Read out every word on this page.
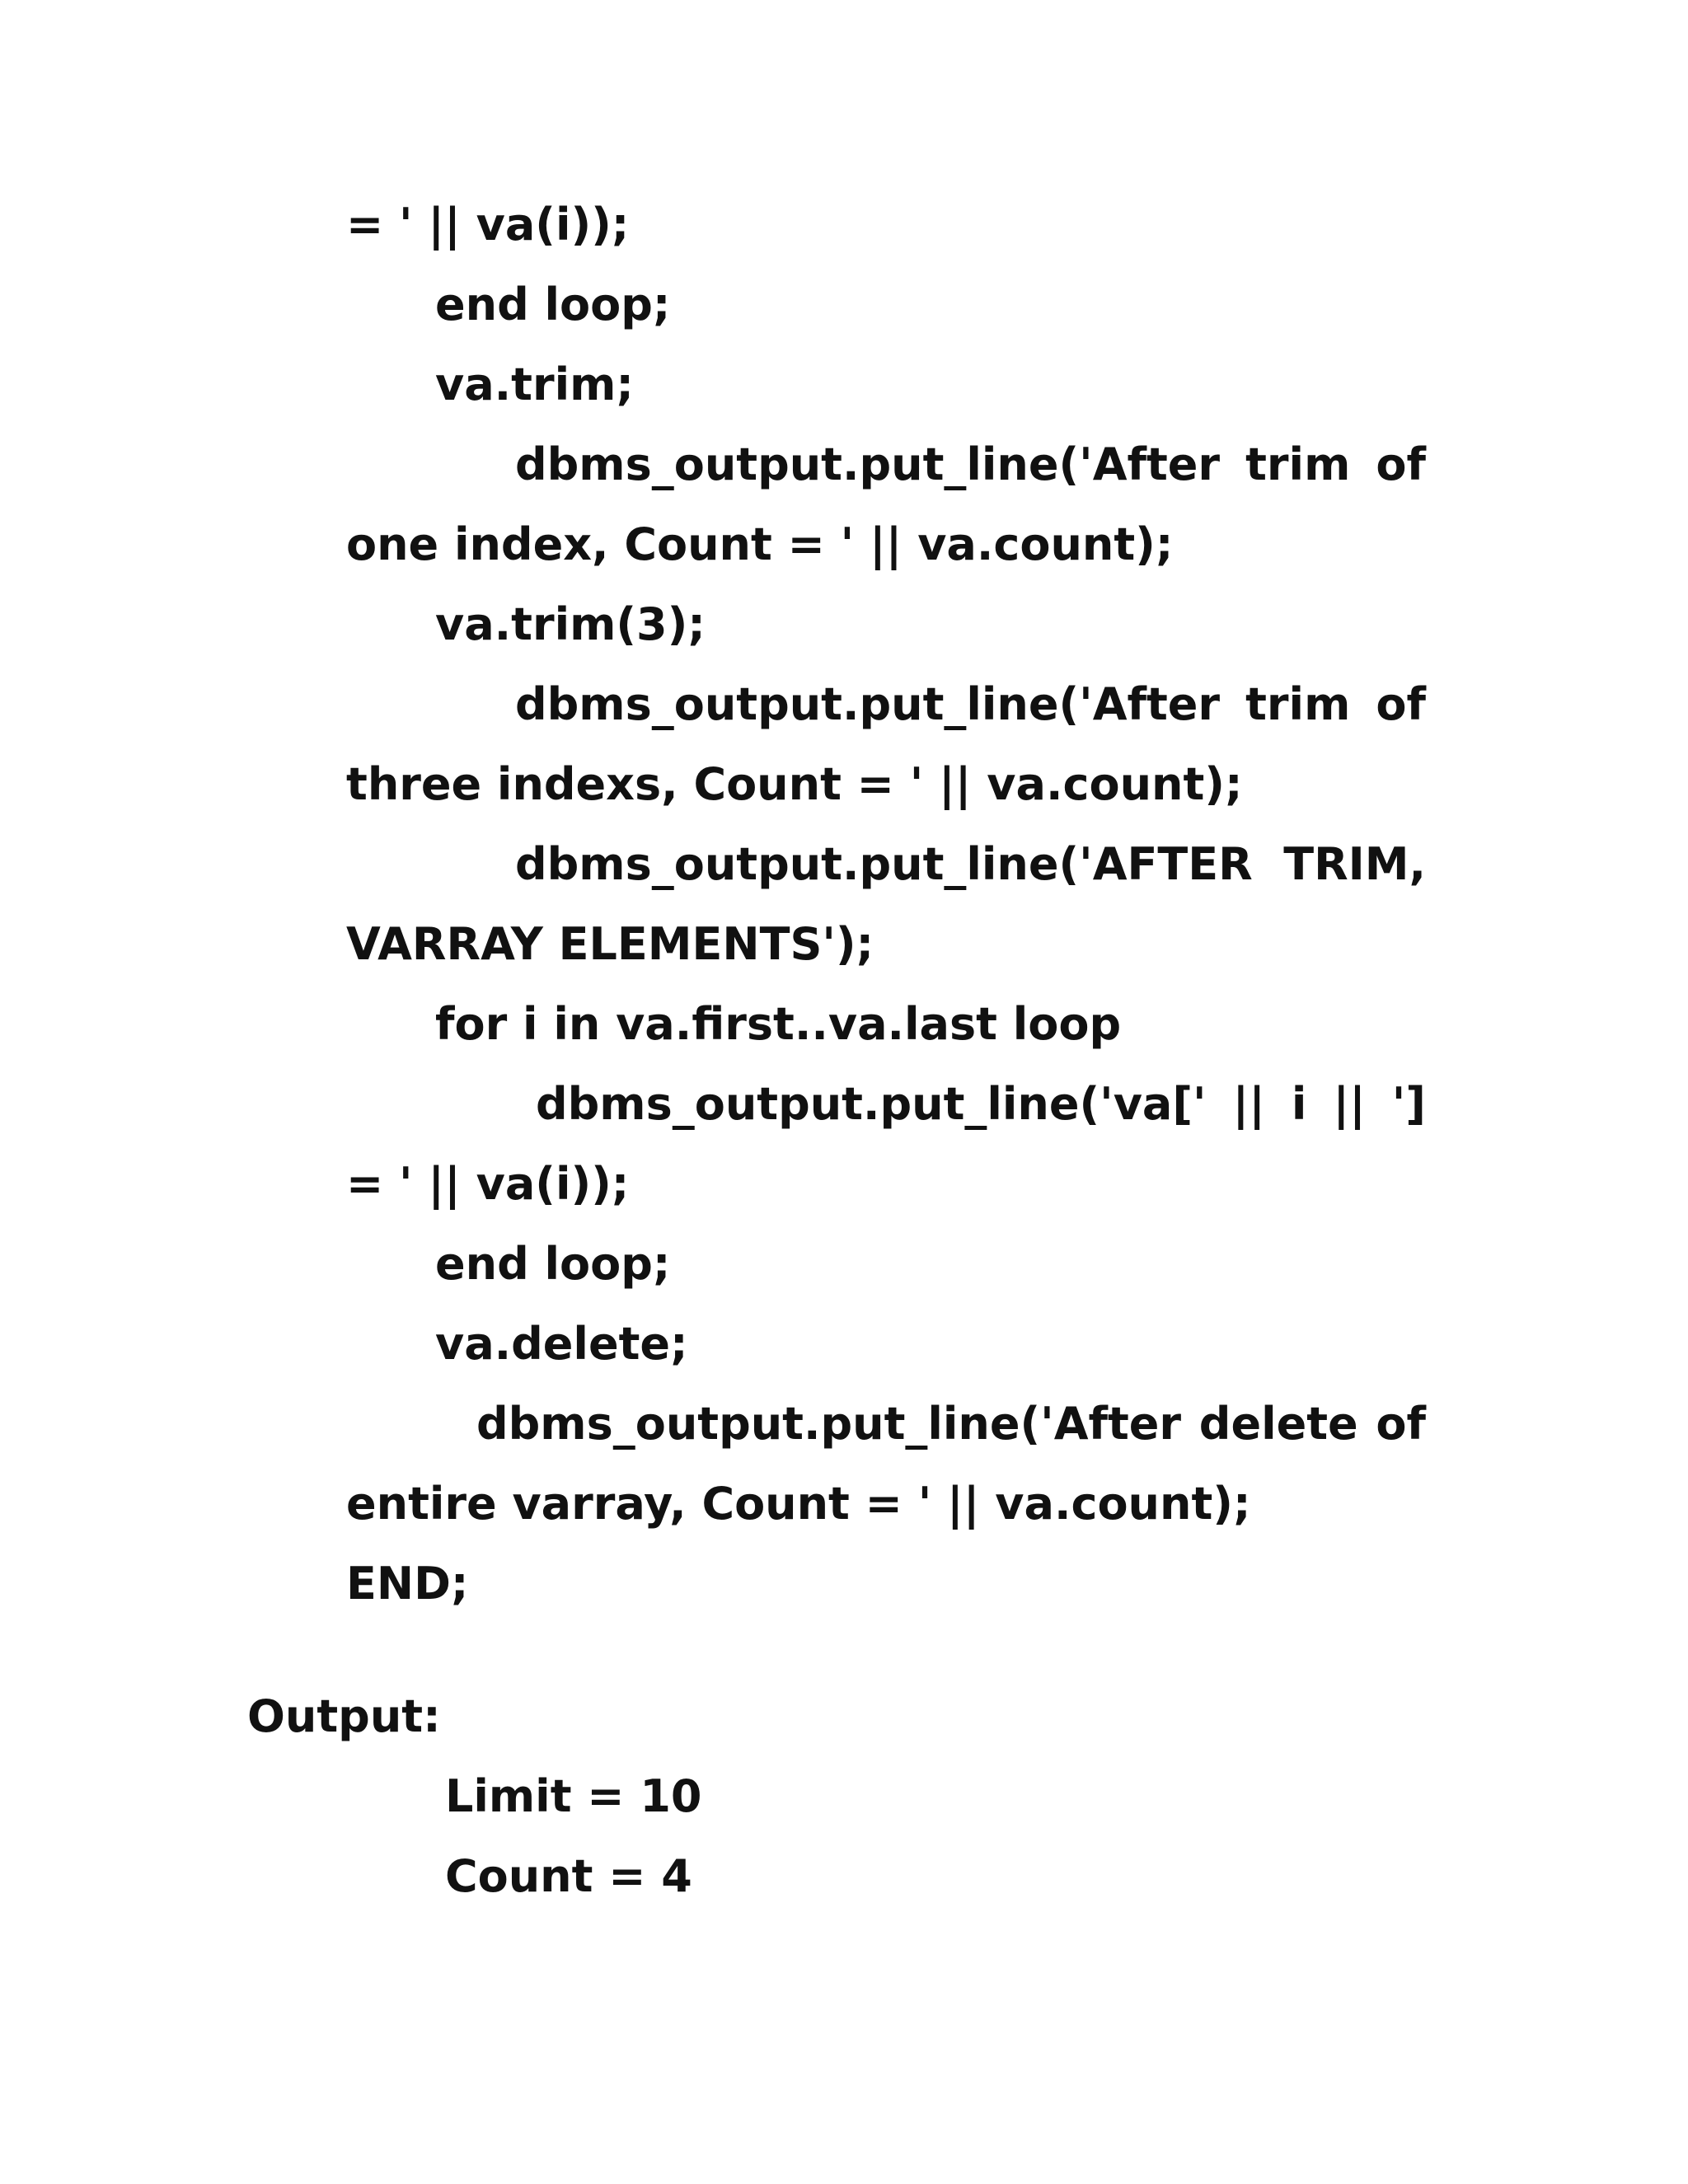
= ' || va(i));

end loop;

va.trim;

dbms_output.put_line('After trim of

one index, Count = ' || va.count);

va.trim(3);

dbms_output.put_line('After trim of

three indexs, Count = ' || va.count);

dbms_output.put_line('AFTER TRIM,

VARRAY ELEMENTS');

for i in va.first..va.last loop

dbms_output.put_line('va[' || i || ']

= ' || va(i));

end loop;

va.delete;

dbms_output.put_line('After delete of

entire varray, Count = ' || va.count);

END;

Output:

Limit = 10

Count = 4
